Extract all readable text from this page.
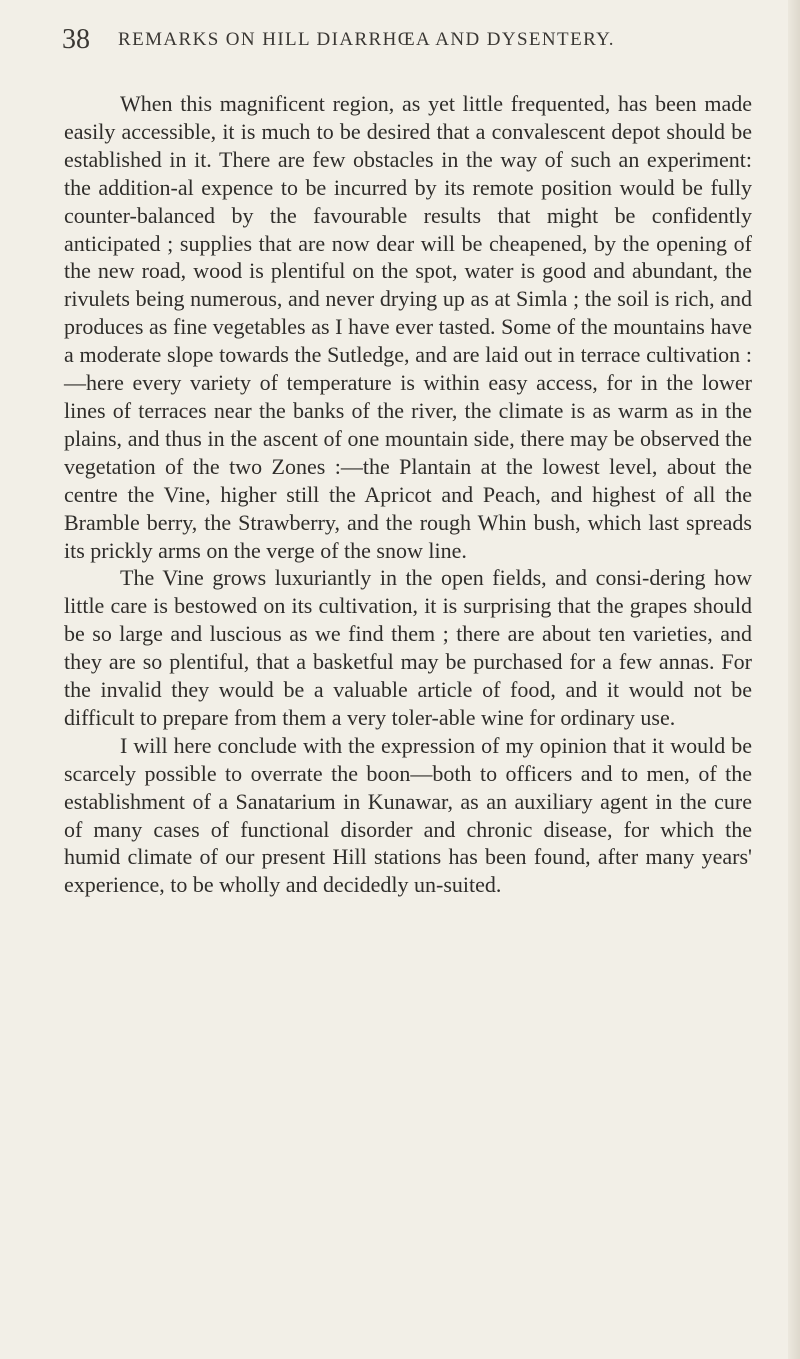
38 REMARKS ON HILL DIARRHŒA AND DYSENTERY.

When this magnificent region, as yet little frequented, has been made easily accessible, it is much to be desired that a convalescent depot should be established in it. There are few obstacles in the way of such an experiment: the addition-al expence to be incurred by its remote position would be fully counter-balanced by the favourable results that might be confidently anticipated ; supplies that are now dear will be cheapened, by the opening of the new road, wood is plentiful on the spot, water is good and abundant, the rivulets being numerous, and never drying up as at Simla ; the soil is rich, and produces as fine vegetables as I have ever tasted. Some of the mountains have a moderate slope towards the Sutledge, and are laid out in terrace cultivation :—here every variety of temperature is within easy access, for in the lower lines of terraces near the banks of the river, the climate is as warm as in the plains, and thus in the ascent of one mountain side, there may be observed the vegetation of the two Zones :—the Plantain at the lowest level, about the centre the Vine, higher still the Apricot and Peach, and highest of all the Bramble berry, the Strawberry, and the rough Whin bush, which last spreads its prickly arms on the verge of the snow line.

The Vine grows luxuriantly in the open fields, and consi-dering how little care is bestowed on its cultivation, it is surprising that the grapes should be so large and luscious as we find them ; there are about ten varieties, and they are so plentiful, that a basketful may be purchased for a few annas. For the invalid they would be a valuable article of food, and it would not be difficult to prepare from them a very toler-able wine for ordinary use.

I will here conclude with the expression of my opinion that it would be scarcely possible to overrate the boon—both to officers and to men, of the establishment of a Sanatarium in Kunawar, as an auxiliary agent in the cure of many cases of functional disorder and chronic disease, for which the humid climate of our present Hill stations has been found, after many years' experience, to be wholly and decidedly un-suited.
